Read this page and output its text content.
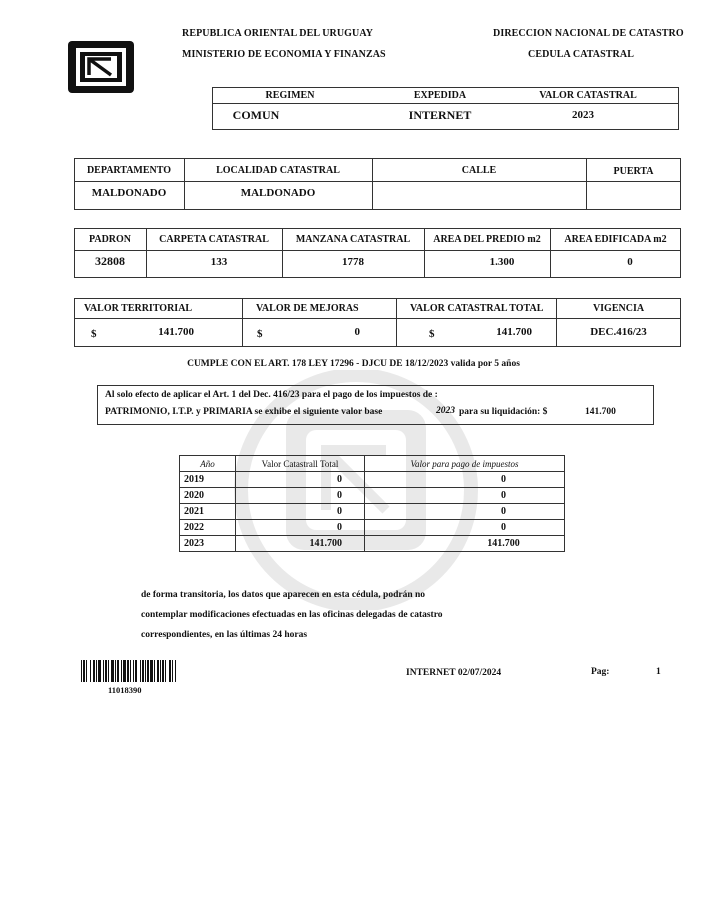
REPUBLICA ORIENTAL DEL URUGUAY
MINISTERIO DE ECONOMIA Y FINANZAS
DIRECCION NACIONAL DE CATASTRO
CEDULA CATASTRAL
REGIMEN	EXPEDIDA	VALOR CATASTRAL
COMUN	INTERNET	2023
DEPARTAMENTO	LOCALIDAD CATASTRAL	CALLE	PUERTA
MALDONADO	MALDONADO
PADRON	CARPETA CATASTRAL	MANZANA CATASTRAL	AREA DEL PREDIO m2	AREA EDIFICADA m2
32808	133	1778	1.300	0
VALOR TERRITORIAL	VALOR DE MEJORAS	VALOR CATASTRAL TOTAL	VIGENCIA
$	141.700	$	0	$	141.700	DEC.416/23
CUMPLE CON EL ART. 178 LEY 17296 - DJCU DE 18/12/2023 valida por 5 años
Al solo efecto de aplicar el Art. 1 del Dec. 416/23 para el pago de los impuestos de :
PATRIMONIO, I.T.P. y PRIMARIA se exhibe el siguiente valor base	2023 para su liquidación: $	141.700
Año	Valor Catastrall Total	Valor para pago de impuestos
2019	0	0
2020	0	0
2021	0	0
2022	0	0
2023	141.700	141.700
de forma transitoria, los datos que aparecen en esta cédula, podrán no
contemplar modificaciones efectuadas en las oficinas delegadas de catastro
correspondientes, en las últimas 24 horas
11018390
INTERNET 02/07/2024	Pag:	1
